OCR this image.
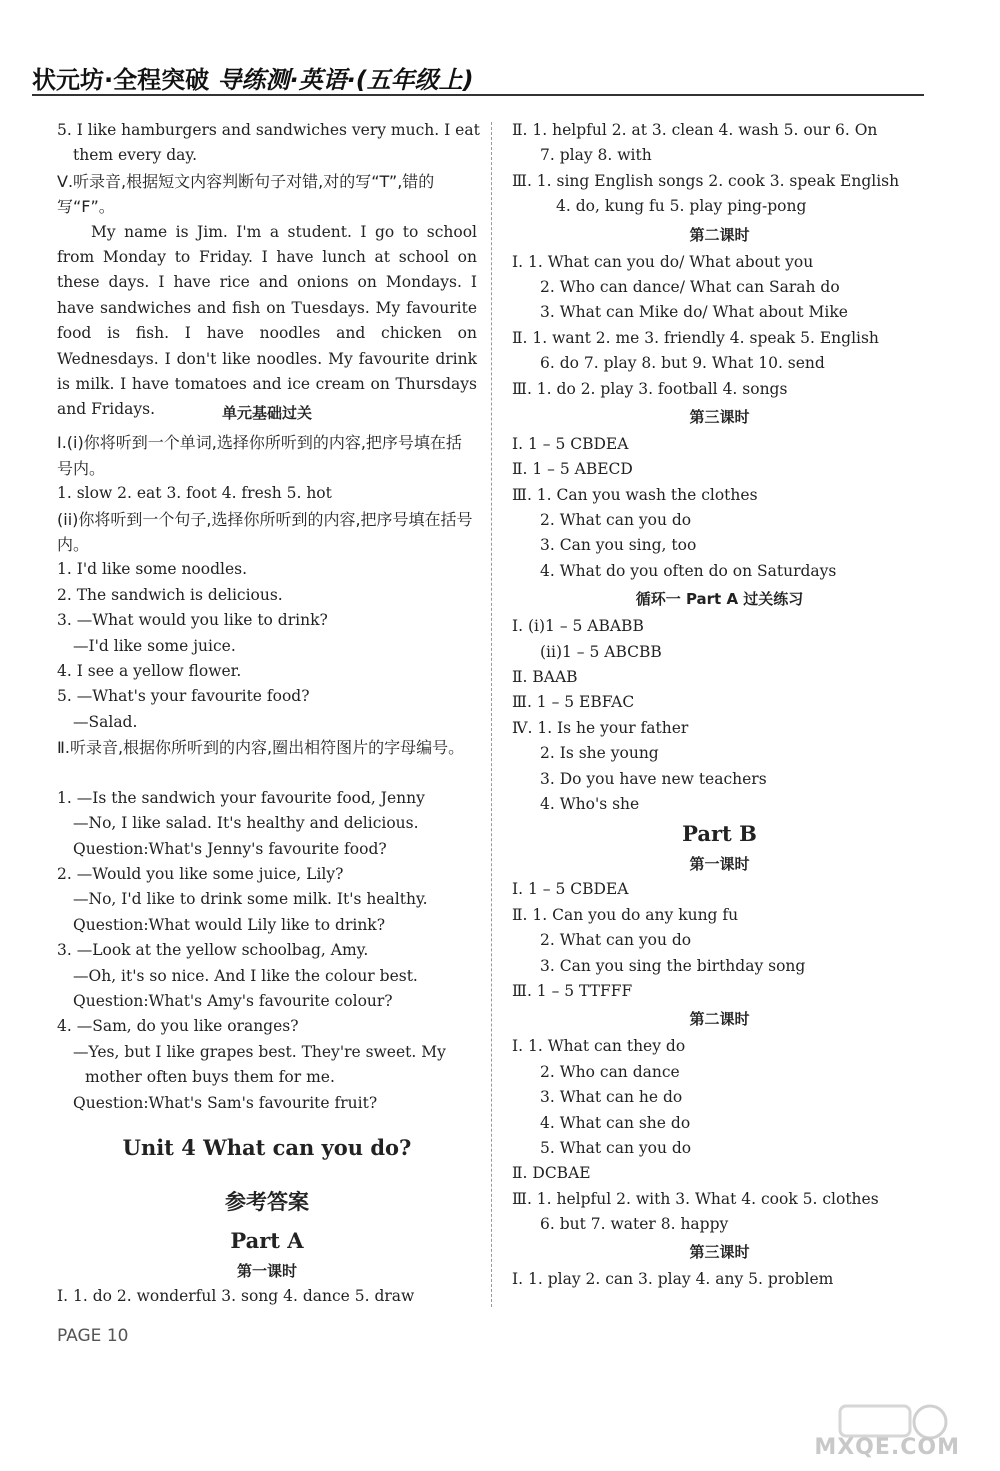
状元坊·全程突破 导练测·英语·(五年级上)
5. I like hamburgers and sandwiches very much. I eat
them every day.
Ⅴ.听录音,根据短文内容判断句子对错,对的写“T”,错的写“F”。
My name is Jim. I'm a student. I go to school from Monday to Friday. I have lunch at school on these days. I have rice and onions on Mondays. I have sandwiches and fish on Tuesdays. My favourite food is fish. I have noodles and chicken on Wednesdays. I don't like noodles. My favourite drink is milk. I have tomatoes and ice cream on Thursdays and Fridays.	单元基础过关
Ⅰ.(i)你将听到一个单词,选择你所听到的内容,把序号填在括号内。
1. slow 2. eat 3. foot 4. fresh 5. hot
(ii)你将听到一个句子,选择你所听到的内容,把序号填在括号内。
1. I'd like some noodles.
2. The sandwich is delicious.
3. —What would you like to drink?
—I'd like some juice.
4. I see a yellow flower.
5. —What's your favourite food?
—Salad.
Ⅱ.听录音,根据你所听到的内容,圈出相符图片的字母编号。
1. —Is the sandwich your favourite food, Jenny
—No, I like salad. It's healthy and delicious.
Question:What's Jenny's favourite food?
2. —Would you like some juice, Lily?
—No, I'd like to drink some milk. It's healthy.
Question:What would Lily like to drink?
3. —Look at the yellow schoolbag, Amy.
—Oh, it's so nice. And I like the colour best.
Question:What's Amy's favourite colour?
4. —Sam, do you like oranges?
—Yes, but I like grapes best. They're sweet. My
mother often buys them for me.
Question:What's Sam's favourite fruit?
Unit 4 What can you do?
参考答案
Part A
第一课时
Ⅰ. 1. do 2. wonderful 3. song 4. dance 5. draw
Ⅱ. 1. helpful 2. at 3. clean 4. wash 5. our 6. On
7. play 8. with
Ⅲ. 1. sing English songs 2. cook 3. speak English
4. do, kung fu 5. play ping-pong
第二课时
Ⅰ. 1. What can you do/ What about you
2. Who can dance/ What can Sarah do
3. What can Mike do/ What about Mike
Ⅱ. 1. want 2. me 3. friendly 4. speak 5. English
6. do 7. play 8. but 9. What 10. send
Ⅲ. 1. do 2. play 3. football 4. songs
第三课时
Ⅰ. 1 – 5 CBDEA
Ⅱ. 1 – 5 ABECD
Ⅲ. 1. Can you wash the clothes
2. What can you do
3. Can you sing, too
4. What do you often do on Saturdays
循环一 Part A 过关练习
Ⅰ. (i)1 – 5 ABABB
(ii)1 – 5 ABCBB
Ⅱ. BAAB
Ⅲ. 1 – 5 EBFAC
Ⅳ. 1. Is he your father
2. Is she young
3. Do you have new teachers
4. Who's she
Part B
第一课时
Ⅰ. 1 – 5 CBDEA
Ⅱ. 1. Can you do any kung fu
2. What can you do
3. Can you sing the birthday song
Ⅲ. 1 – 5 TTFFF
第二课时
Ⅰ. 1. What can they do
2. Who can dance
3. What can he do
4. What can she do
5. What can you do
Ⅱ. DCBAE
Ⅲ. 1. helpful 2. with 3. What 4. cook 5. clothes
6. but 7. water 8. happy
第三课时
Ⅰ. 1. play 2. can 3. play 4. any 5. problem
PAGE 10
MXQE.COM
